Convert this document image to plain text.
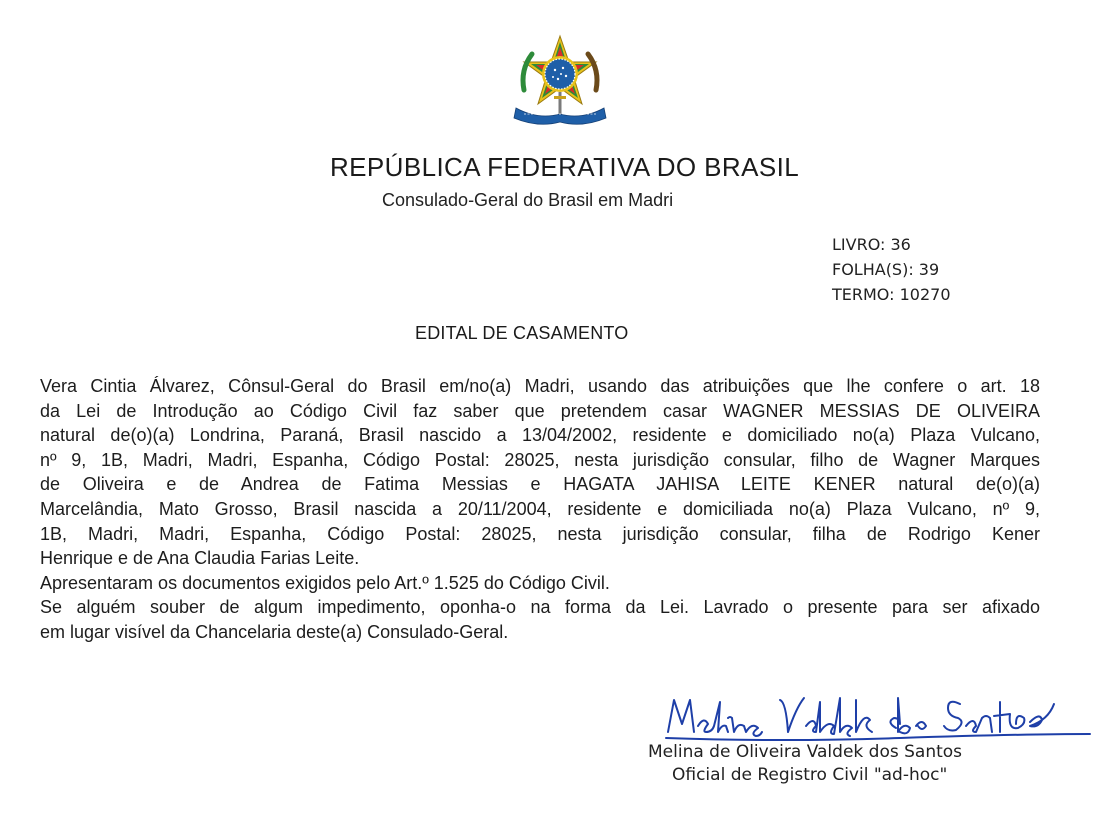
REPÚBLICA FEDERATIVA DO BRASIL
Consulado-Geral do Brasil em Madri
LIVRO: 36
FOLHA(S): 39
TERMO: 10270
EDITAL DE CASAMENTO
Vera Cintia Álvarez, Cônsul-Geral do Brasil em/no(a) Madri, usando das atribuições que lhe confere o art. 18
da Lei de Introdução ao Código Civil faz saber que pretendem casar WAGNER MESSIAS DE OLIVEIRA
natural de(o)(a) Londrina, Paraná, Brasil nascido a 13/04/2002, residente e domiciliado no(a) Plaza Vulcano,
nº 9, 1B, Madri, Madri, Espanha, Código Postal: 28025, nesta jurisdição consular, filho de Wagner Marques
de Oliveira e de Andrea de Fatima Messias e HAGATA JAHISA LEITE KENER natural de(o)(a)
Marcelândia, Mato Grosso, Brasil nascida a 20/11/2004, residente e domiciliada no(a) Plaza Vulcano, nº 9,
1B, Madri, Madri, Espanha, Código Postal: 28025, nesta jurisdição consular, filha de Rodrigo Kener
Henrique e de Ana Claudia Farias Leite.
Apresentaram os documentos exigidos pelo Art.º 1.525 do Código Civil.
Se alguém souber de algum impedimento, oponha-o na forma da Lei. Lavrado o presente para ser afixado
em lugar visível da Chancelaria deste(a) Consulado-Geral.
Melina de Oliveira Valdek dos Santos
Oficial de Registro Civil "ad-hoc"
